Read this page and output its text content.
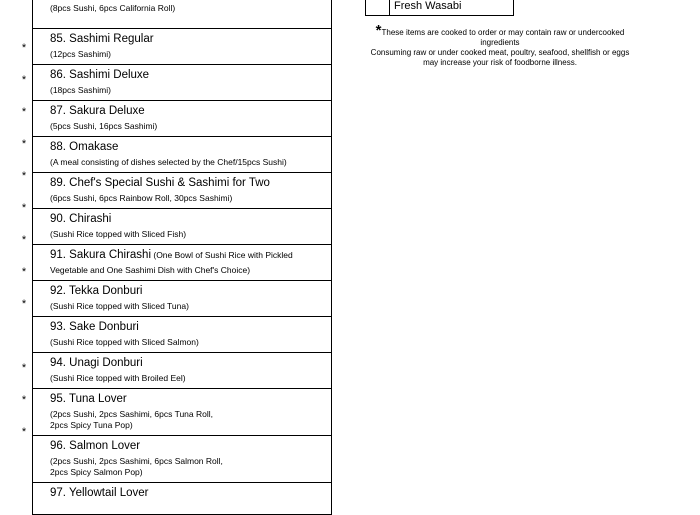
(8pcs Sushi, 6pcs California Roll)

85. Sashimi Regular
(12pcs Sashimi)

86. Sashimi Deluxe
(18pcs Sashimi)

87. Sakura Deluxe
(5pcs Sushi, 16pcs Sashimi)

88. Omakase
(A meal consisting of dishes selected by the Chef/15pcs Sushi)

89. Chef's Special Sushi & Sashimi for Two
(6pcs Sushi, 6pcs Rainbow Roll, 30pcs Sashimi)

90. Chirashi
(Sushi Rice topped with Sliced Fish)

91. Sakura Chirashi (One Bowl of Sushi Rice with Pickled
Vegetable and One Sashimi Dish with Chef's Choice)

92. Tekka Donburi
(Sushi Rice topped with Sliced Tuna)

93. Sake Donburi
(Sushi Rice topped with Sliced Salmon)

94. Unagi Donburi
(Sushi Rice topped with Broiled Eel)

95. Tuna Lover
(2pcs Sushi, 2pcs Sashimi, 6pcs Tuna Roll,
2pcs Spicy Tuna Pop)

96. Salmon Lover
(2pcs Sushi, 2pcs Sashimi, 6pcs Salmon Roll,
2pcs Spicy Salmon Pop)

97. Yellowtail Lover
	Fresh Wasabi
*These items are cooked to order or may contain raw or undercooked ingredients
Consuming raw or under cooked meat, poultry, seafood, shellfish or eggs
may increase your risk of foodborne illness.
*
*
*
*
*
*
*
*
*
*
*
*
